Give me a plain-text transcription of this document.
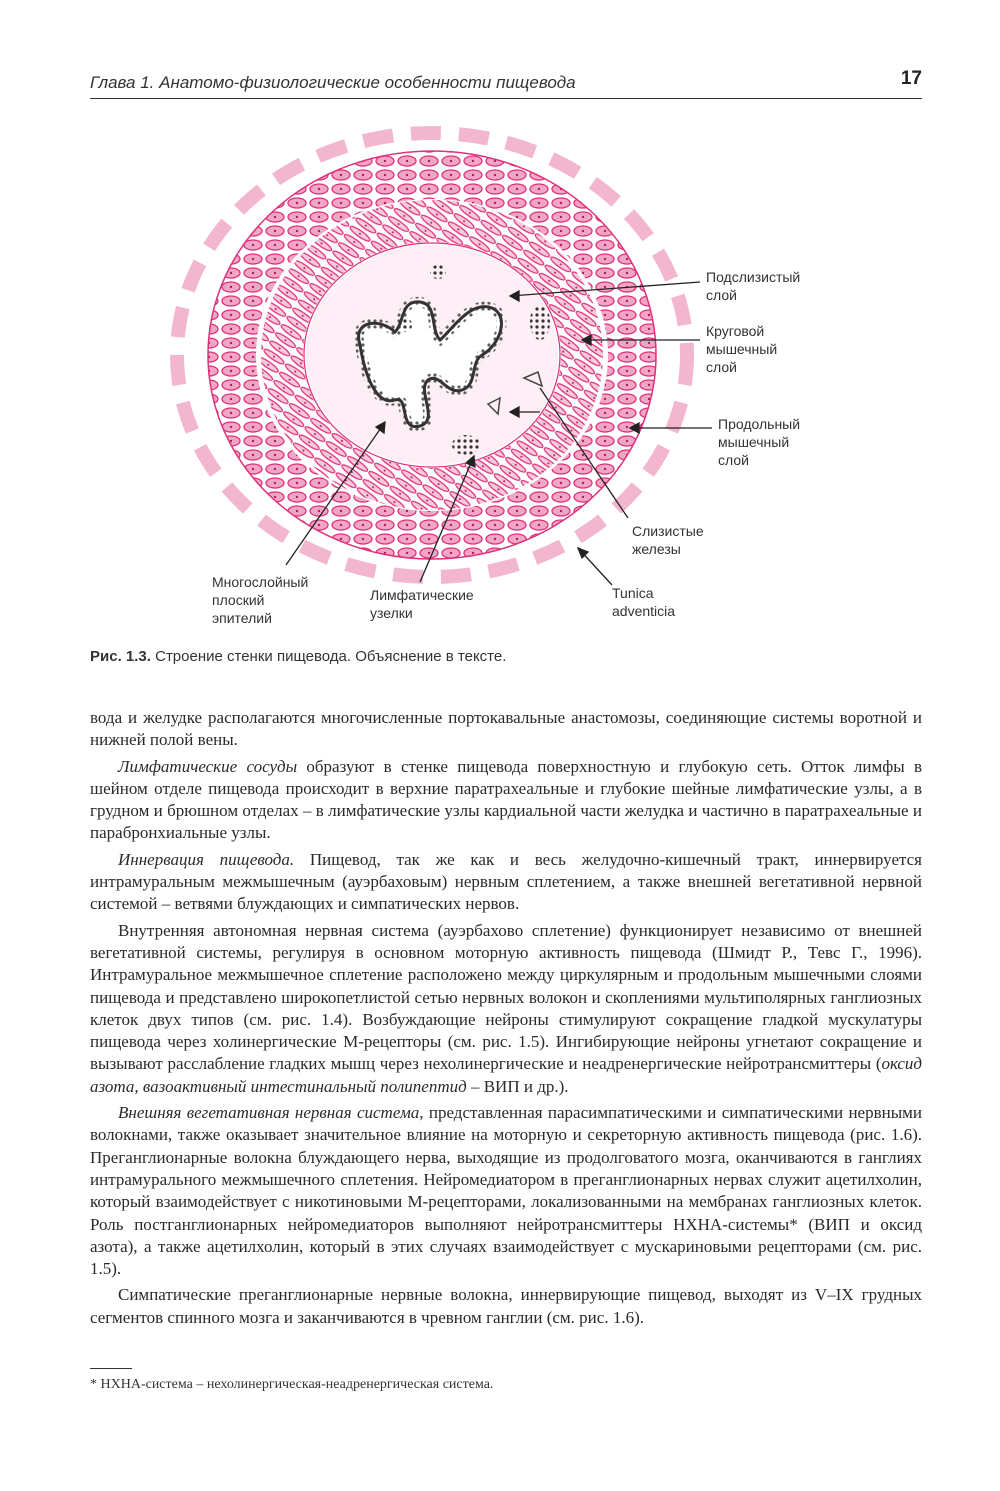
Глава 1. Анатомо-физиологические особенности пищевода	17
Подслизистый
слой
Круговой
мышечный
слой
Продольный
мышечный
слой
Слизистые
железы
Tunica
adventicia
Лимфатические
узелки
Многослойный
плоский
эпителий
Рис. 1.3. Строение стенки пищевода. Объяснение в тексте.

вода и желудке располагаются многочисленные портокавальные анастомозы, соединяющие системы воротной и нижней полой вены.

Лимфатические сосуды образуют в стенке пищевода поверхностную и глубокую сеть. Отток лимфы в шейном отделе пищевода происходит в верхние паратрахеальные и глубокие шейные лимфатические узлы, а в грудном и брюшном отделах – в лимфатические узлы кардиальной части желудка и частично в паратрахеальные и парабронхиальные узлы.

Иннервация пищевода. Пищевод, так же как и весь желудочно-кишечный тракт, иннервируется интрамуральным межмышечным (ауэрбаховым) нервным сплетением, а также внешней вегетативной нервной системой – ветвями блуждающих и симпатических нервов.

Внутренняя автономная нервная система (ауэрбахово сплетение) функционирует независимо от внешней вегетативной системы, регулируя в основном моторную активность пищевода (Шмидт Р., Тевс Г., 1996). Интрамуральное межмышечное сплетение расположено между циркулярным и продольным мышечными слоями пищевода и представлено широкопетлистой сетью нервных волокон и скоплениями мультиполярных ганглиозных клеток двух типов (см. рис. 1.4). Возбуждающие нейроны стимулируют сокращение гладкой мускулатуры пищевода через холинергические М-рецепторы (см. рис. 1.5). Ингибирующие нейроны угнетают сокращение и вызывают расслабление гладких мышц через нехолинергические и неадренергические нейротрансмиттеры (оксид азота, вазоактивный интестинальный полипептид – ВИП и др.).

Внешняя вегетативная нервная система, представленная парасимпатическими и симпатическими нервными волокнами, также оказывает значительное влияние на моторную и секреторную активность пищевода (рис. 1.6). Преганглионарные волокна блуждающего нерва, выходящие из продолговатого мозга, оканчиваются в ганглиях интрамурального межмышечного сплетения. Нейромедиатором в преганглионарных нервах служит ацетилхолин, который взаимодействует с никотиновыми М-рецепторами, локализованными на мембранах ганглиозных клеток. Роль постганглионарных нейромедиаторов выполняют нейротрансмиттеры НХНА-системы* (ВИП и оксид азота), а также ацетилхолин, который в этих случаях взаимодействует с мускариновыми рецепторами (см. рис. 1.5).

Симпатические преганглионарные нервные волокна, иннервирующие пищевод, выходят из V–IX грудных сегментов спинного мозга и заканчиваются в чревном ганглии (см. рис. 1.6).

* НХНА-система – нехолинергическая-неадренергическая система.
